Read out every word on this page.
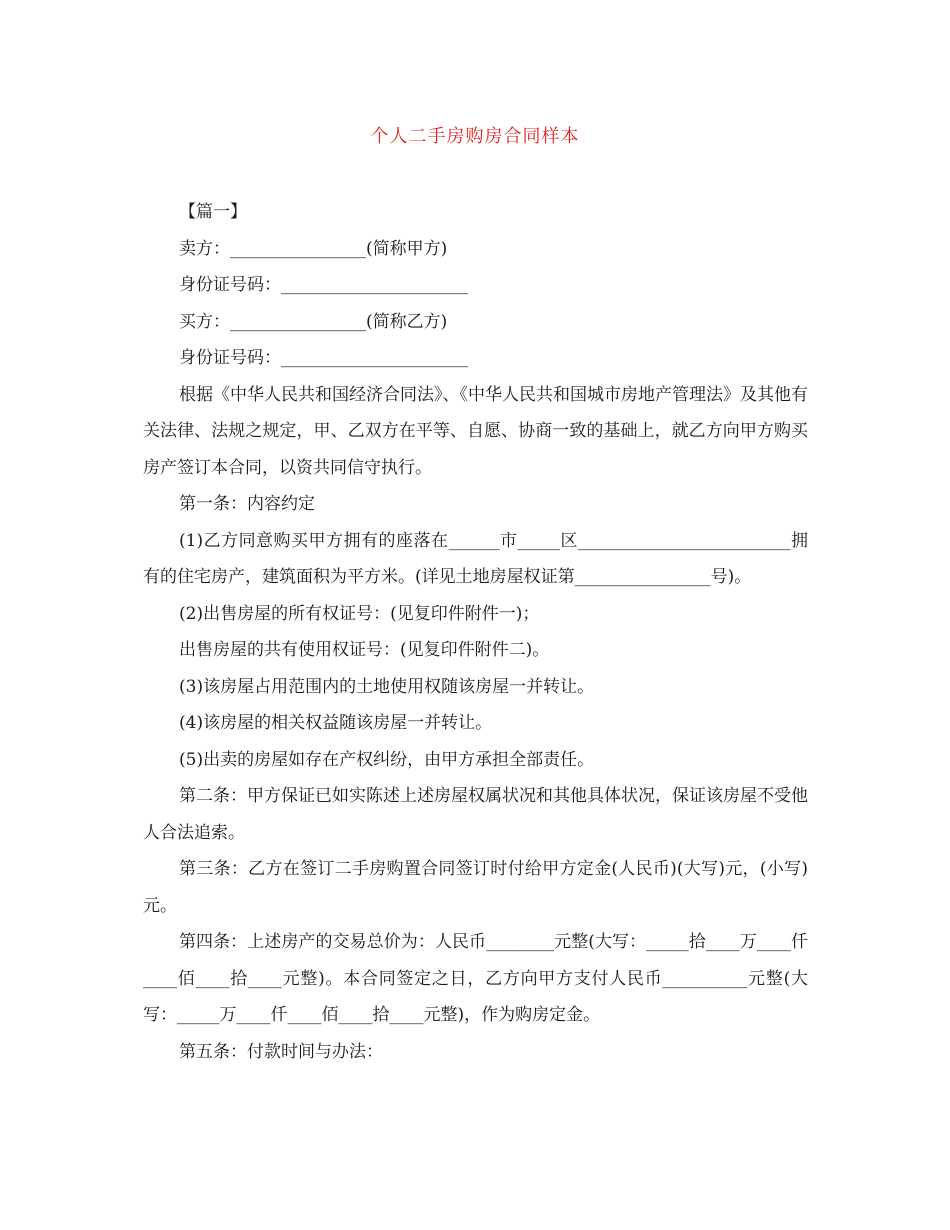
个人二手房购房合同样本

【篇一】

卖方：________________(简称甲方)

身份证号码：______________________

买方：________________(简称乙方)

身份证号码：______________________

根据《中华人民共和国经济合同法》、《中华人民共和国城市房地产管理法》及其他有关法律、法规之规定，甲、乙双方在平等、自愿、协商一致的基础上，就乙方向甲方购买房产签订本合同，以资共同信守执行。

第一条：内容约定

(1)乙方同意购买甲方拥有的座落在______市_____区_________________________拥有的住宅房产，建筑面积为平方米。(详见土地房屋权证第________________号)。

(2)出售房屋的所有权证号：(见复印件附件一)；

出售房屋的共有使用权证号：(见复印件附件二)。

(3)该房屋占用范围内的土地使用权随该房屋一并转让。

(4)该房屋的相关权益随该房屋一并转让。

(5)出卖的房屋如存在产权纠纷，由甲方承担全部责任。

第二条：甲方保证已如实陈述上述房屋权属状况和其他具体状况，保证该房屋不受他人合法追索。

第三条：乙方在签订二手房购置合同签订时付给甲方定金(人民币)(大写)元，(小写)元。

第四条：上述房产的交易总价为：人民币________元整(大写：_____拾____万____仟____佰____拾____元整)。本合同签定之日，乙方向甲方支付人民币__________元整(大写：_____万____仟____佰____拾____元整)，作为购房定金。

第五条：付款时间与办法：
